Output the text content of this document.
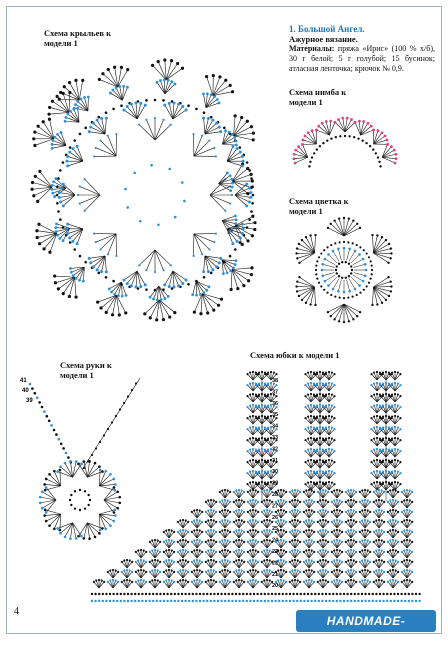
Схема крыльев к модели 1
1. Большой Ангел.
Ажурное вязание.
Материалы: пряжа «Ирис» (100 % х/б), 30 г белой; 5 г голубой; 15 бусинок; атласная ленточка; крючок № 0,9.
Схема нимба к модели 1
Схема цветка к модели 1
Схема руки к модели 1
Схема юбки к модели 1
4
HANDMADE-PARADISE.RU
38
37
36
35
34
33
32
31
30
29
28
27
26
25
24
23
22
21
20
41
40
39
